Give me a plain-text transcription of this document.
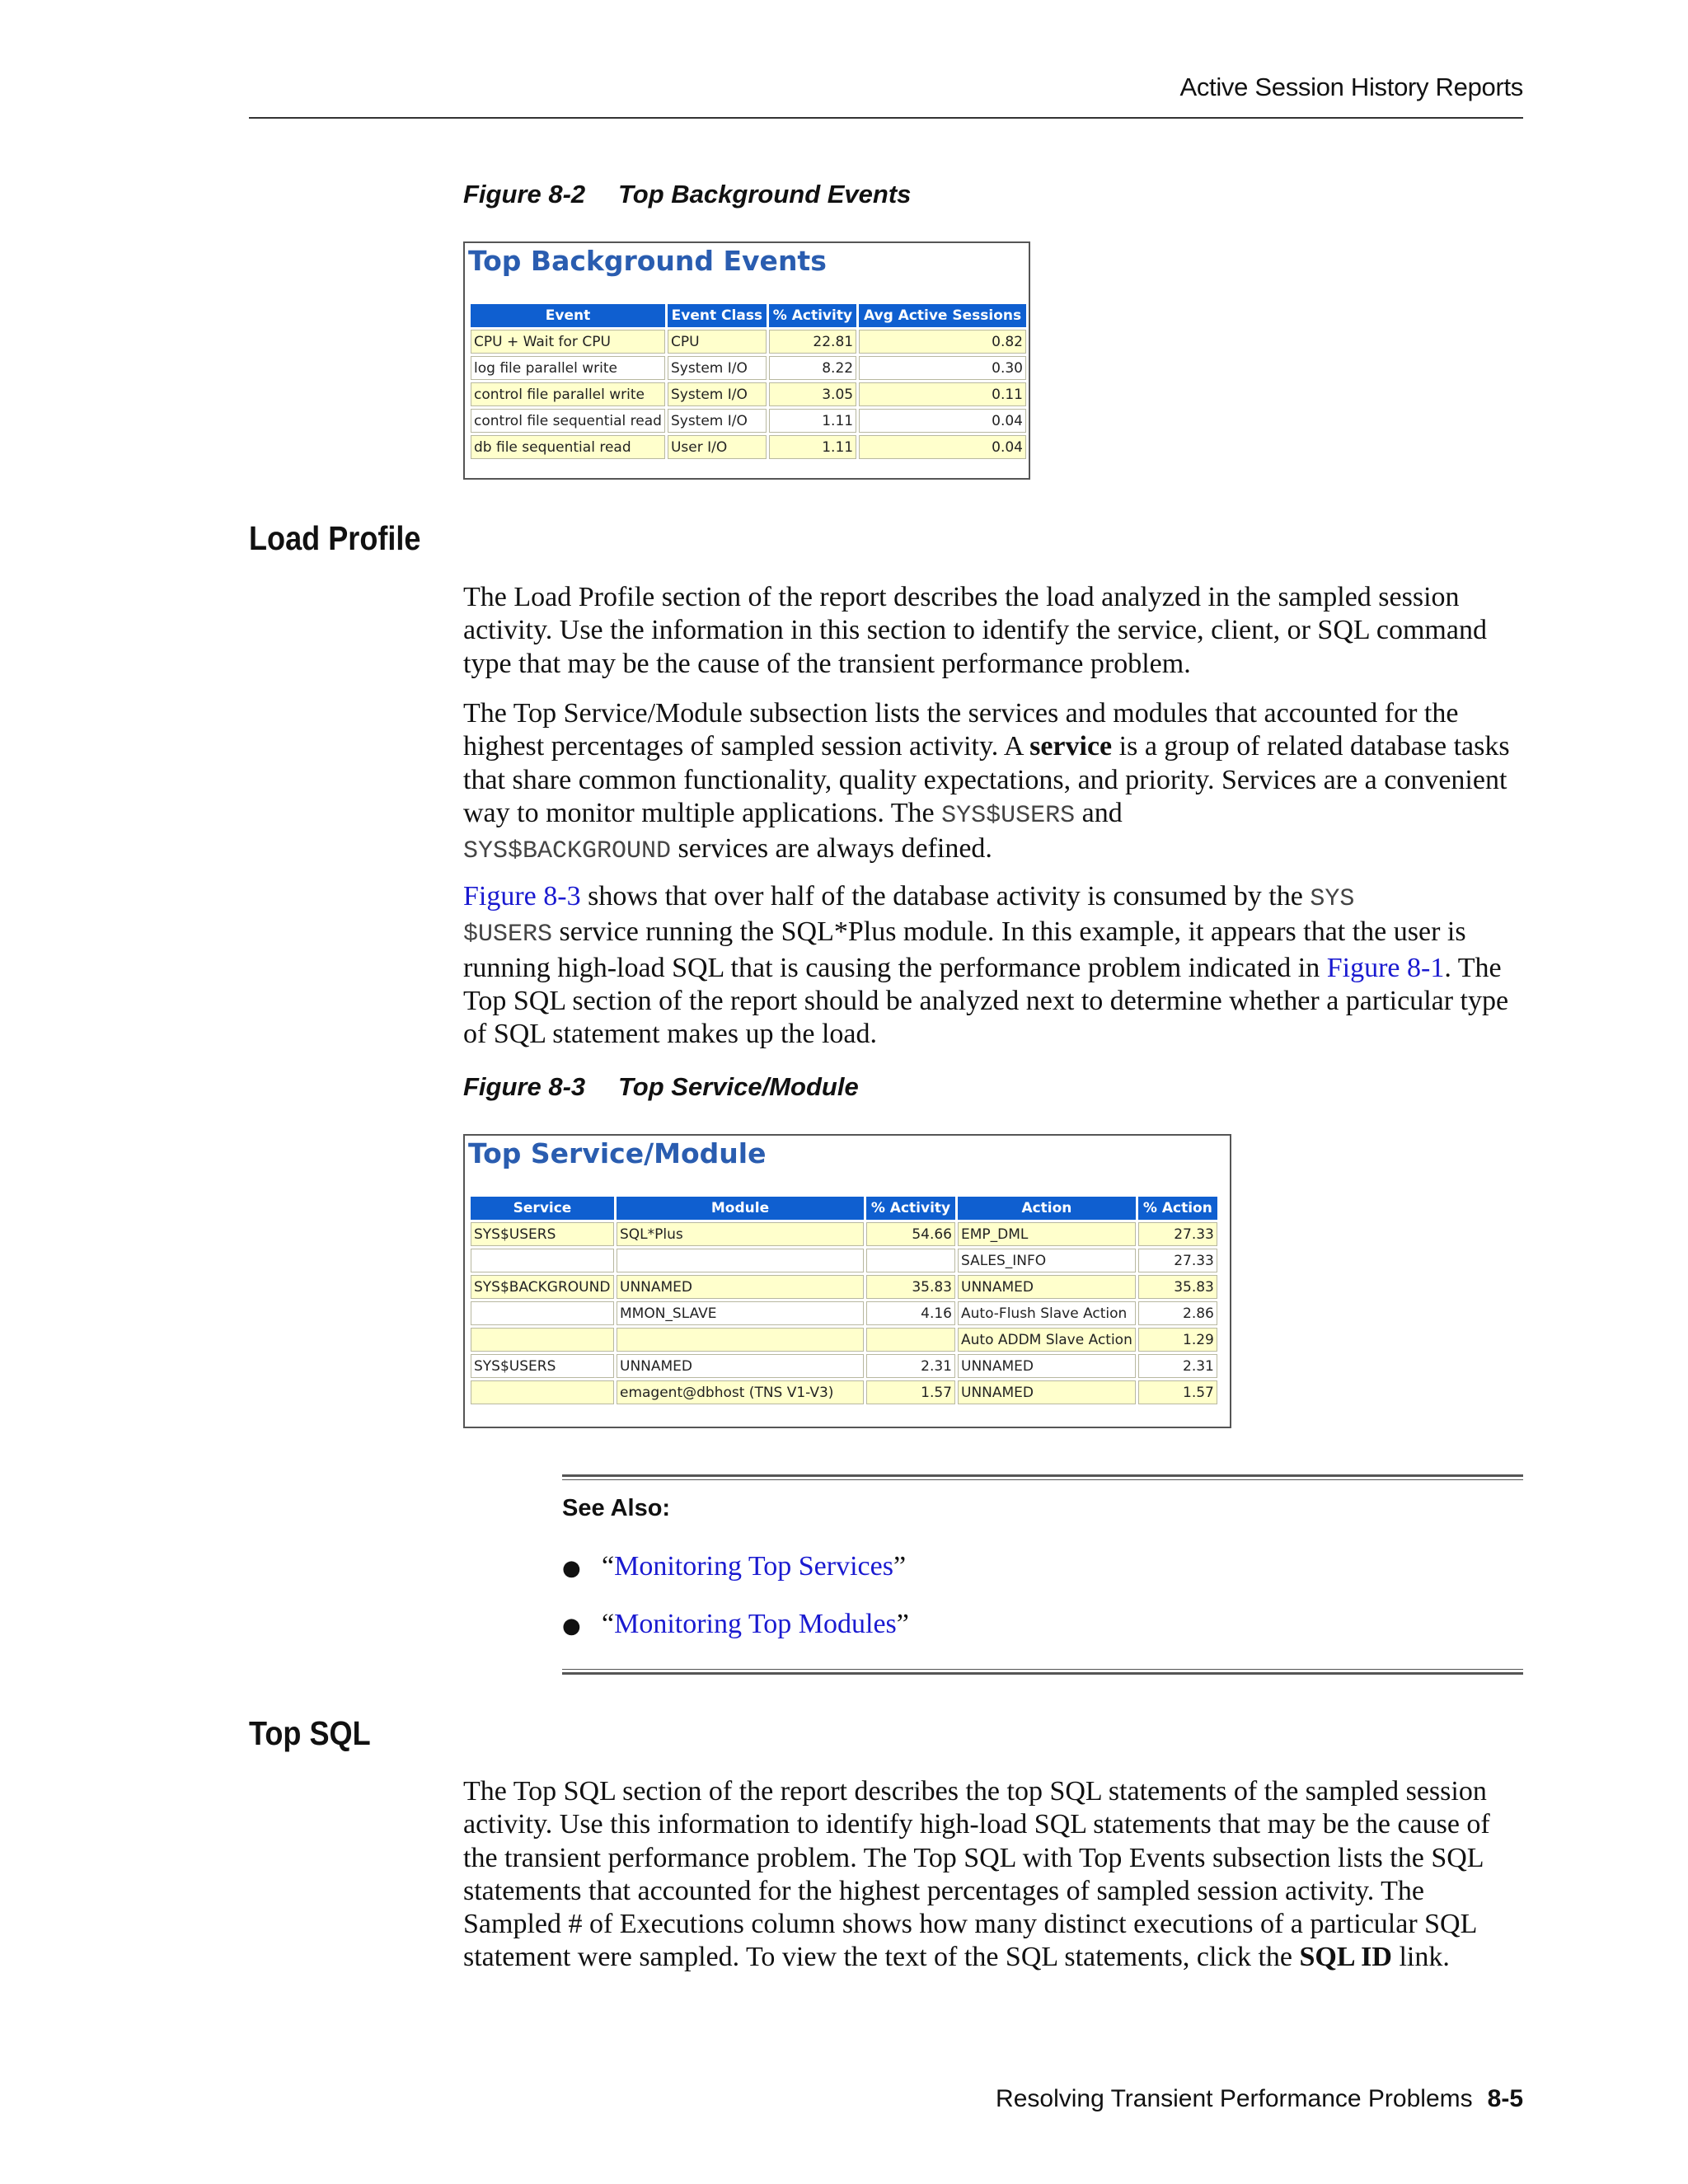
Active Session History Reports
Figure 8-2 Top Background Events
Top Background Events
Event	Event Class	% Activity	Avg Active Sessions
CPU + Wait for CPU	CPU	22.81	0.82
log file parallel write	System I/O	8.22	0.30
control file parallel write	System I/O	3.05	0.11
control file sequential read	System I/O	1.11	0.04
db file sequential read	User I/O	1.11	0.04
Load Profile

The Load Profile section of the report describes the load analyzed in the sampled session activity. Use the information in this section to identify the service, client, or SQL command type that may be the cause of the transient performance problem.

The Top Service/Module subsection lists the services and modules that accounted for the highest percentages of sampled session activity. A service is a group of related database tasks that share common functionality, quality expectations, and priority. Services are a convenient way to monitor multiple applications. The SYS$USERS and
SYS$BACKGROUND services are always defined.

Figure 8-3 shows that over half of the database activity is consumed by the SYS
$USERS service running the SQL*Plus module. In this example, it appears that the user is running high-load SQL that is causing the performance problem indicated in Figure 8-1. The Top SQL section of the report should be analyzed next to determine whether a particular type of SQL statement makes up the load.

Figure 8-3 Top Service/Module
Top Service/Module
Service	Module	% Activity	Action	% Action
SYS$USERS	SQL*Plus	54.66	EMP_DML	27.33
			SALES_INFO	27.33
SYS$BACKGROUND	UNNAMED	35.83	UNNAMED	35.83
	MMON_SLAVE	4.16	Auto-Flush Slave Action	2.86
			Auto ADDM Slave Action	1.29
SYS$USERS	UNNAMED	2.31	UNNAMED	2.31
	emagent@dbhost (TNS V1-V3)	1.57	UNNAMED	1.57
See Also:
● “Monitoring Top Services”
● “Monitoring Top Modules”
Top SQL

The Top SQL section of the report describes the top SQL statements of the sampled session activity. Use this information to identify high-load SQL statements that may be the cause of the transient performance problem. The Top SQL with Top Events subsection lists the SQL statements that accounted for the highest percentages of sampled session activity. The Sampled # of Executions column shows how many distinct executions of a particular SQL statement were sampled. To view the text of the SQL statements, click the SQL ID link.

Resolving Transient Performance Problems 8-5
